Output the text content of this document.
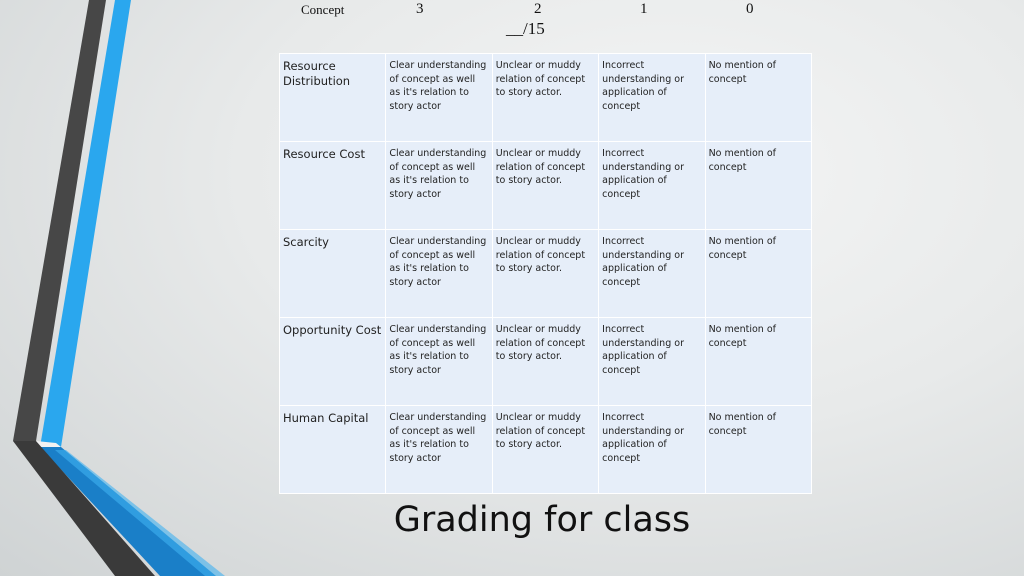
Concept	3	2	1	0
__/15
Resource Distribution	Clear understanding of concept as well as it's relation to story actor	Unclear or muddy relation of concept to story actor.	Incorrect understanding or application of concept	No mention of concept
Resource Cost	Clear understanding of concept as well as it's relation to story actor	Unclear or muddy relation of concept to story actor.	Incorrect understanding or application of concept	No mention of concept
Scarcity	Clear understanding of concept as well as it's relation to story actor	Unclear or muddy relation of concept to story actor.	Incorrect understanding or application of concept	No mention of concept
Opportunity Cost	Clear understanding of concept as well as it's relation to story actor	Unclear or muddy relation of concept to story actor.	Incorrect understanding or application of concept	No mention of concept
Human Capital	Clear understanding of concept as well as it's relation to story actor	Unclear or muddy relation of concept to story actor.	Incorrect understanding or application of concept	No mention of concept
Grading for class
